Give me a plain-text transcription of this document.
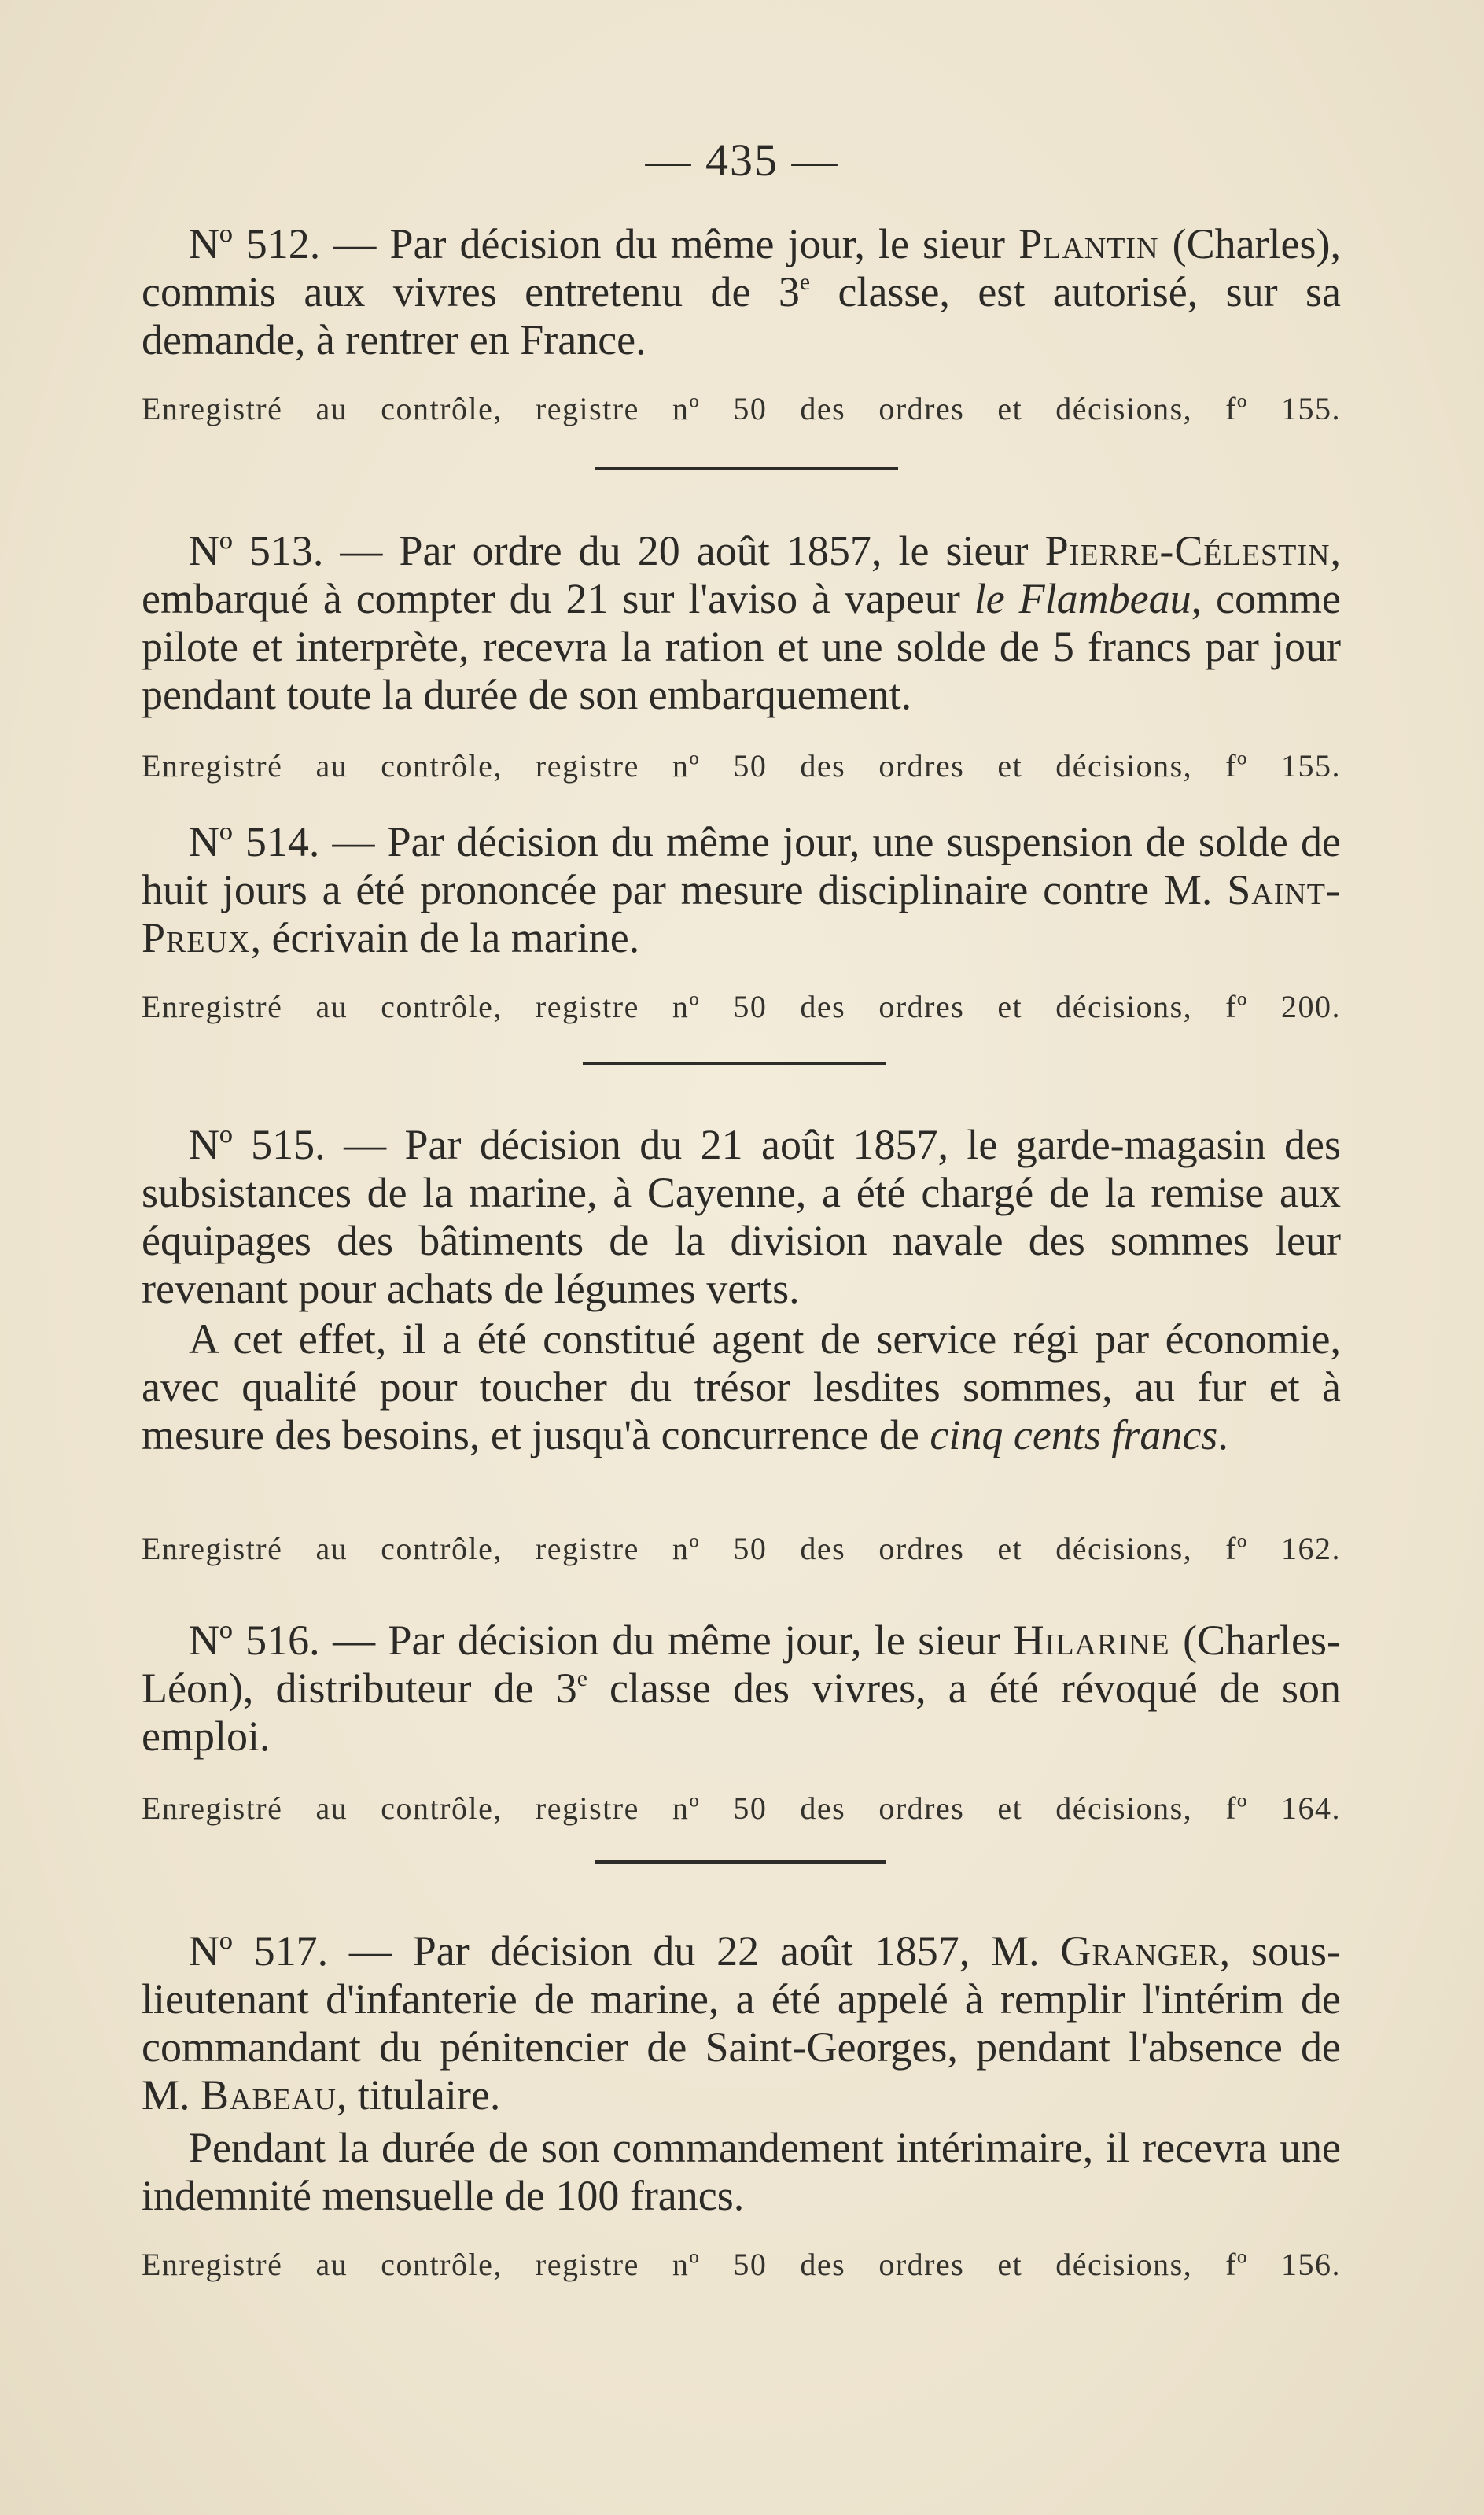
— 435 —

Nº 512. — Par décision du même jour, le sieur Plantin (Charles), commis aux vivres entretenu de 3e classe, est autorisé, sur sa demande, à rentrer en France.

Enregistré au contrôle, registre nº 50 des ordres et décisions, fº 155.

Nº 513. — Par ordre du 20 août 1857, le sieur Pierre-Célestin, embarqué à compter du 21 sur l'aviso à vapeur le Flambeau, comme pilote et interprète, recevra la ration et une solde de 5 francs par jour pendant toute la durée de son embarquement.

Enregistré au contrôle, registre nº 50 des ordres et décisions, fº 155.

Nº 514. — Par décision du même jour, une suspension de solde de huit jours a été prononcée par mesure disciplinaire contre M. Saint-Preux, écrivain de la marine.

Enregistré au contrôle, registre nº 50 des ordres et décisions, fº 200.

Nº 515. — Par décision du 21 août 1857, le garde-magasin des subsistances de la marine, à Cayenne, a été chargé de la remise aux équipages des bâtiments de la division navale des sommes leur revenant pour achats de légumes verts.

A cet effet, il a été constitué agent de service régi par économie, avec qualité pour toucher du trésor lesdites sommes, au fur et à mesure des besoins, et jusqu'à concurrence de cinq cents francs.

Enregistré au contrôle, registre nº 50 des ordres et décisions, fº 162.

Nº 516. — Par décision du même jour, le sieur Hilarine (Charles-Léon), distributeur de 3e classe des vivres, a été révoqué de son emploi.

Enregistré au contrôle, registre nº 50 des ordres et décisions, fº 164.

Nº 517. — Par décision du 22 août 1857, M. Granger, sous-lieutenant d'infanterie de marine, a été appelé à remplir l'intérim de commandant du pénitencier de Saint-Georges, pendant l'absence de M. Babeau, titulaire.

Pendant la durée de son commandement intérimaire, il recevra une indemnité mensuelle de 100 francs.

Enregistré au contrôle, registre nº 50 des ordres et décisions, fº 156.
